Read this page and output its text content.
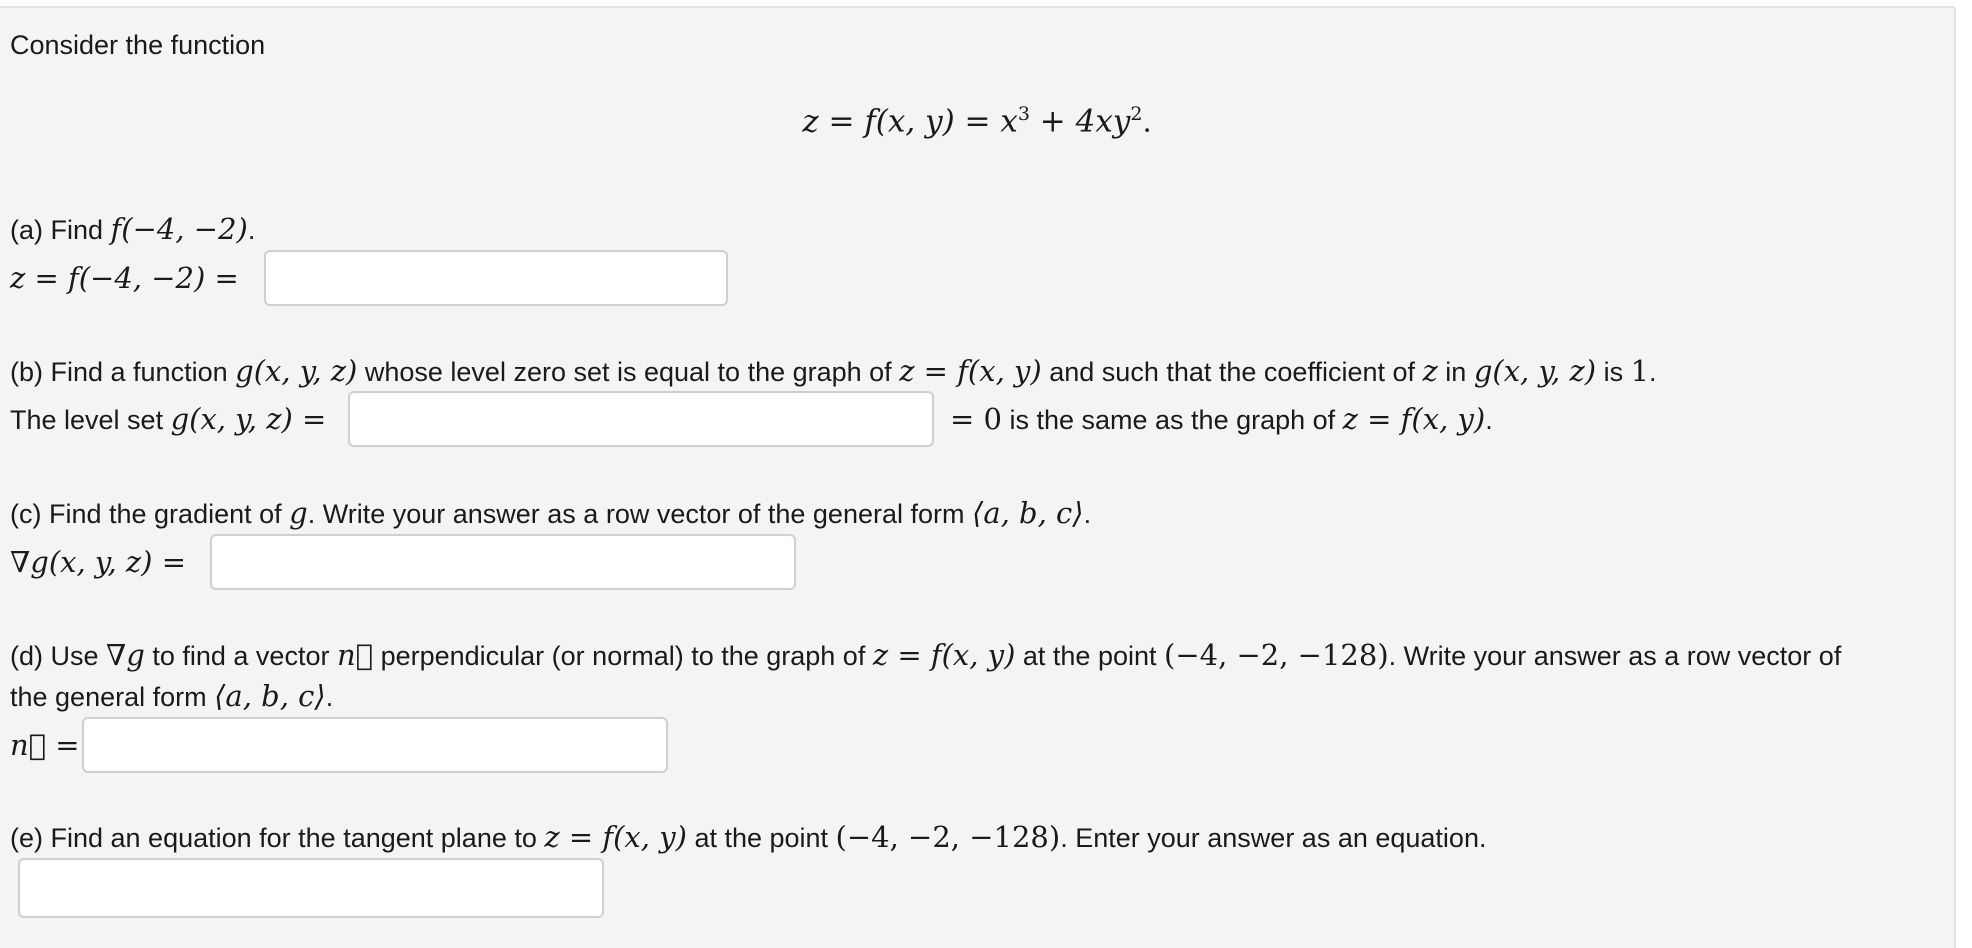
Consider the function
z = f(x, $y) = x^3 + 4xy^2$.
(a) Find f(−4, −2).
z = f(−4, −2) =
(b) Find a function g(x, y, z) whose level zero set is equal to the graph of z = f(x, y) and such that the coefficient of z in g(x, y, z) is 1.
The level set g(x, y, z) =	= 0 is the same as the graph of z = f(x, y).
(c) Find the gradient of g. Write your answer as a row vector of the general form ⟨a, b, c⟩.
∇g(x, y, z) =
(d) Use ∇g to find a vector n⃗ perpendicular (or normal) to the graph of z = f(x, y) at the point (−4, −2, −128). Write your answer as a row vector of
the general form ⟨a, b, c⟩.
n⃗ =
(e) Find an equation for the tangent plane to z = f(x, y) at the point (−4, −2, −128). Enter your answer as an equation.
